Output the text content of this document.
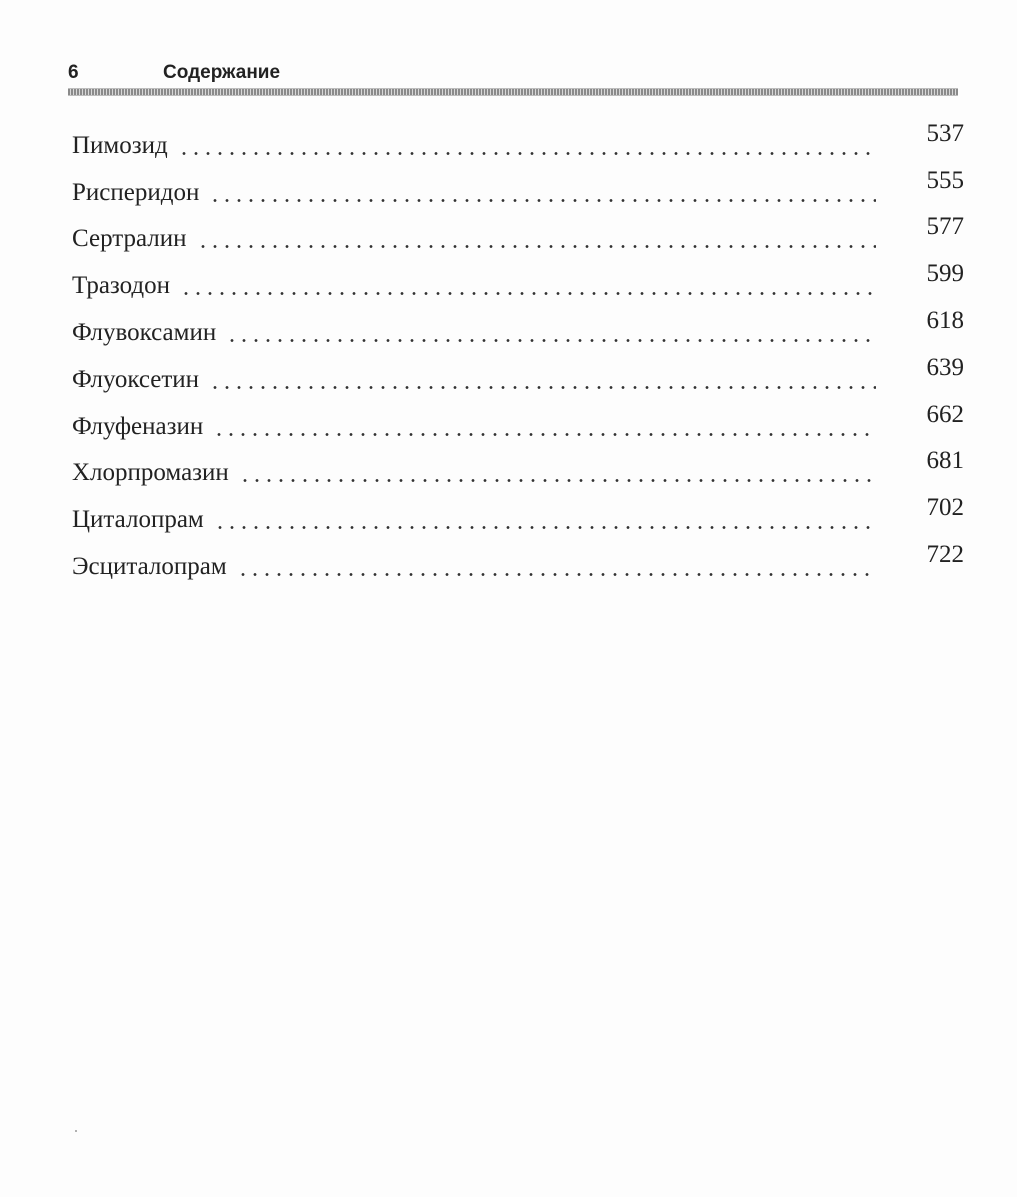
6	Содержание
Пимозид	537
Рисперидон	555
Сертралин	577
Тразодон	599
Флувоксамин	618
Флуоксетин	639
Флуфеназин	662
Хлорпромазин	681
Циталопрам	702
Эсциталопрам	722
